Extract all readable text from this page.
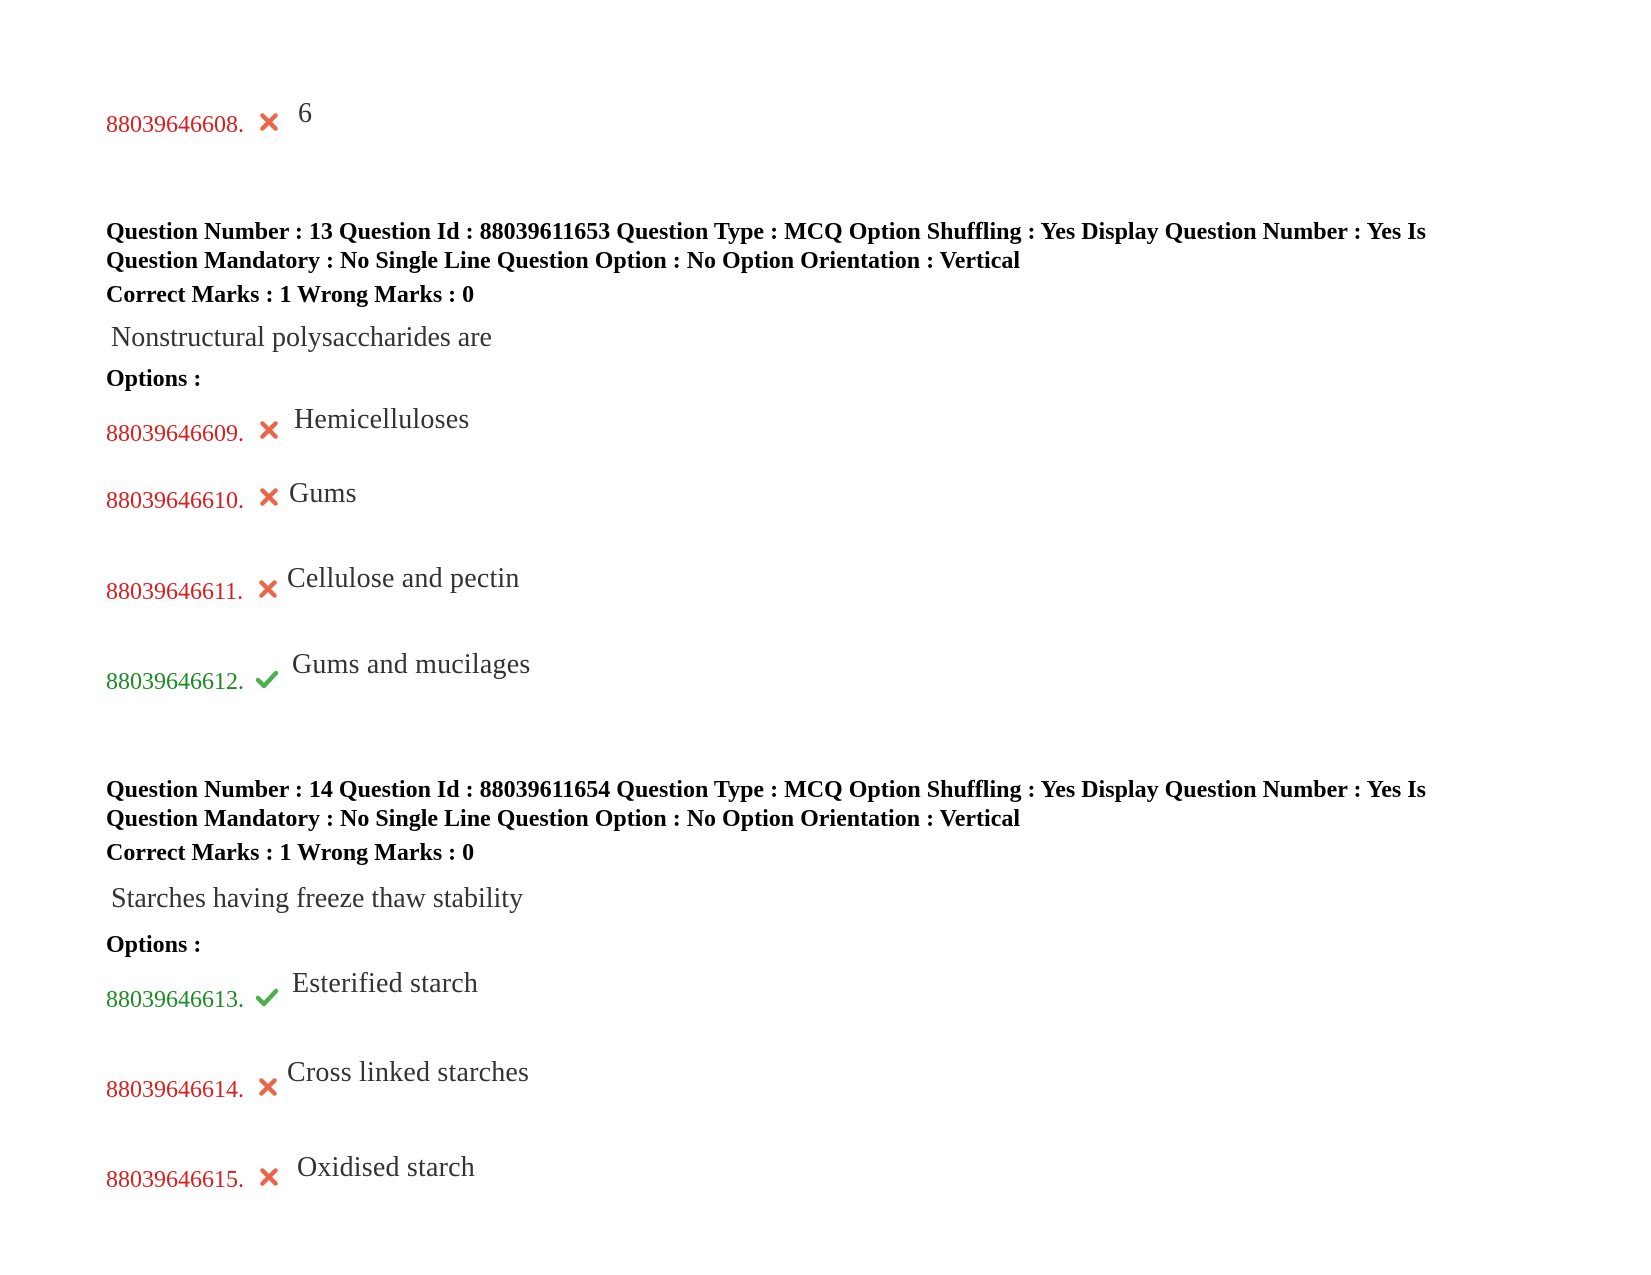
88039646608. 6
Question Number : 13 Question Id : 88039611653 Question Type : MCQ Option Shuffling : Yes Display Question Number : Yes Is
Question Mandatory : No Single Line Question Option : No Option Orientation : Vertical
Correct Marks : 1 Wrong Marks : 0
Nonstructural polysaccharides are
Options :
88039646609. Hemicelluloses
88039646610. Gums
88039646611. Cellulose and pectin
88039646612.
Gums and mucilages
Question Number : 14 Question Id : 88039611654 Question Type : MCQ Option Shuffling : Yes Display Question Number : Yes Is
Question Mandatory : No Single Line Question Option : No Option Orientation : Vertical
Correct Marks : 1 Wrong Marks : 0
Starches having freeze thaw stability
Options :
88039646613.
Esterified starch
88039646614.
Cross linked starches
88039646615. Oxidised starch
